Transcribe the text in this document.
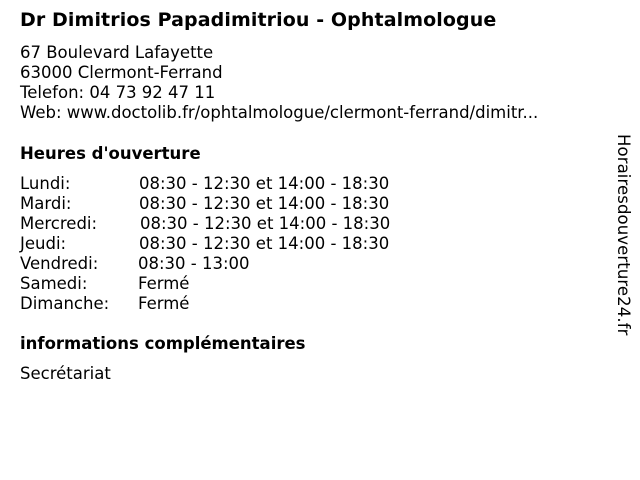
Dr Dimitrios Papadimitriou - Ophtalmologue
67 Boulevard Lafayette
63000 Clermont-Ferrand
Telefon: 04 73 92 47 11
Web: www.doctolib.fr/ophtalmologue/clermont-ferrand/dimitr...
Heures d'ouverture
Lundi:	08:30 - 12:30 et 14:00 - 18:30
Mardi:	08:30 - 12:30 et 14:00 - 18:30
Mercredi:	08:30 - 12:30 et 14:00 - 18:30
Jeudi:	08:30 - 12:30 et 14:00 - 18:30
Vendredi: 08:30 - 13:00
Samedi:	Fermé
Dimanche: Fermé
informations complémentaires
Secrétariat
Horairesdouverture24.fr
